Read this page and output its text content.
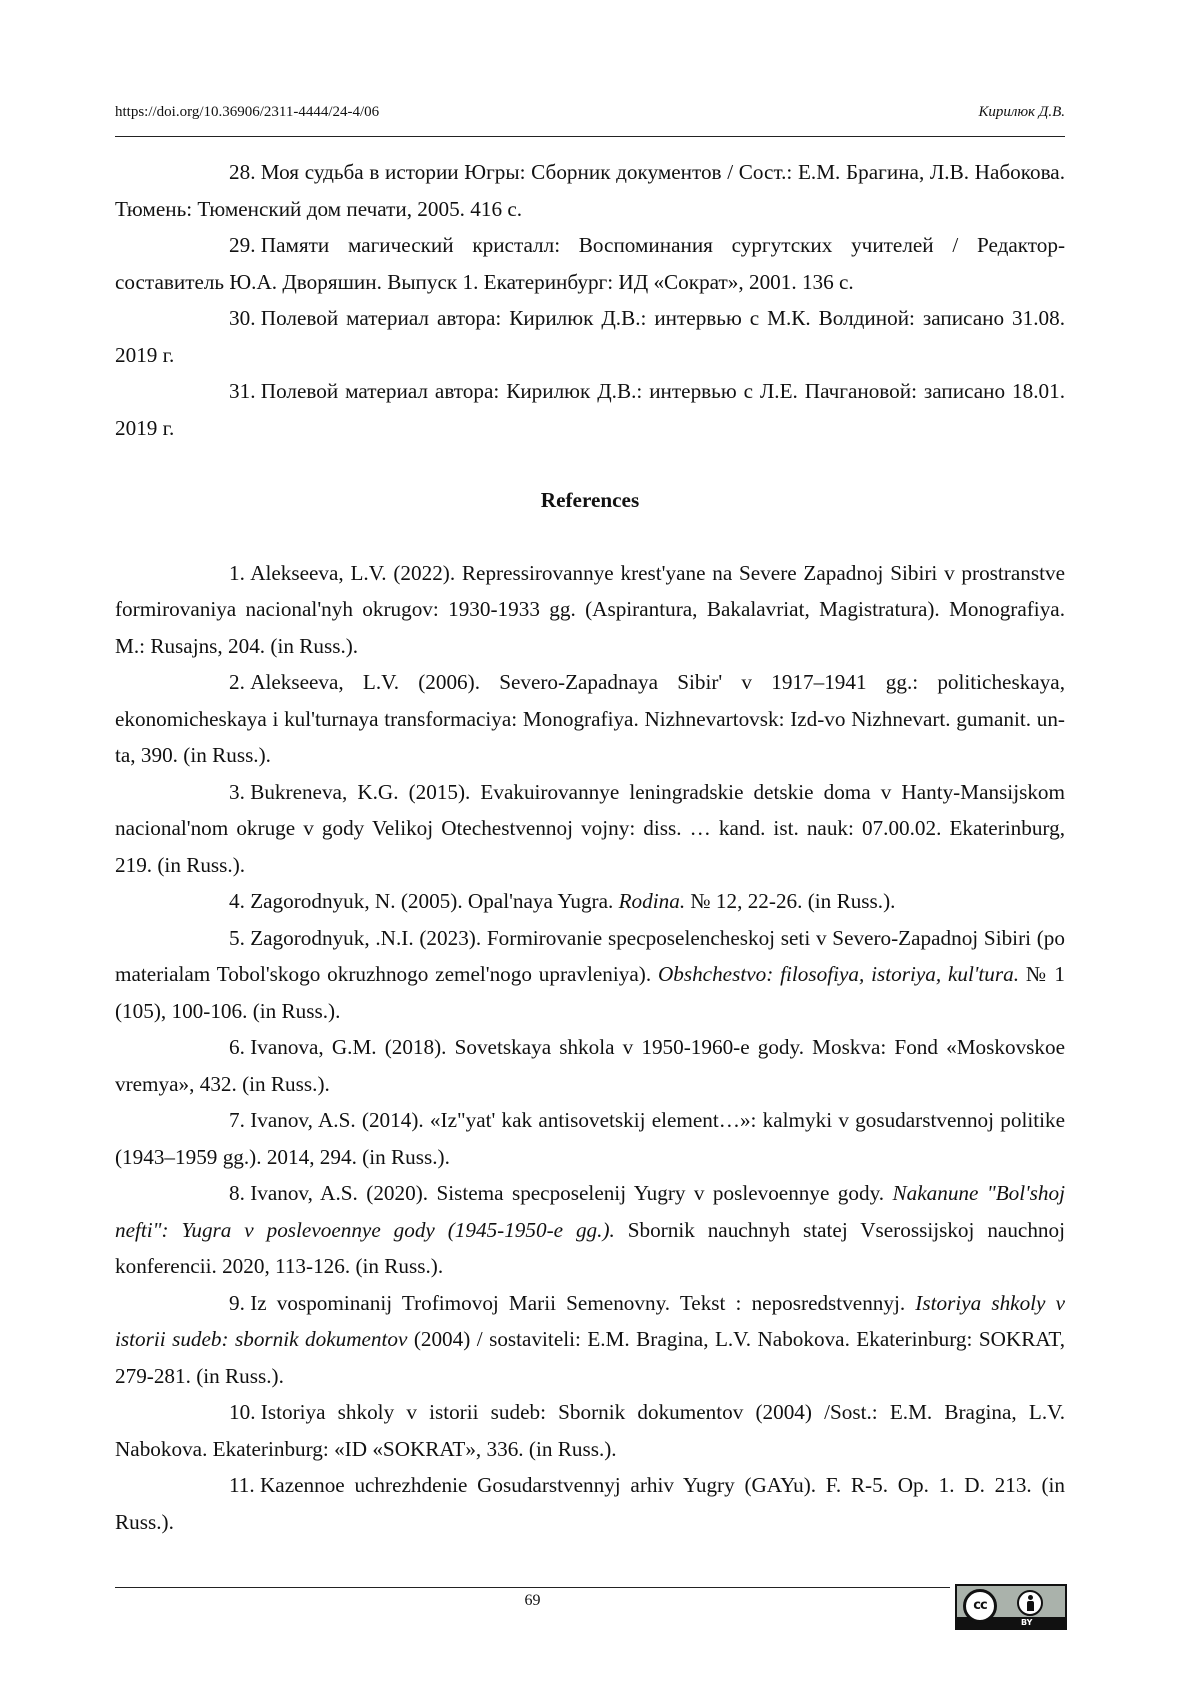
https://doi.org/10.36906/2311-4444/24-4/06	Кирилюк Д.В.

28. Моя судьба в истории Югры: Сборник документов / Сост.: Е.М. Брагина, Л.В. Набокова. Тюмень: Тюменский дом печати, 2005. 416 с.

29. Памяти магический кристалл: Воспоминания сургутских учителей / Редактор-составитель Ю.А. Дворяшин. Выпуск 1. Екатеринбург: ИД «Сократ», 2001. 136 с.

30. Полевой материал автора: Кирилюк Д.В.: интервью с М.К. Волдиной: записано 31.08. 2019 г.

31. Полевой материал автора: Кирилюк Д.В.: интервью с Л.Е. Пачгановой: записано 18.01. 2019 г.

References

1. Alekseeva, L.V. (2022). Repressirovannye krest'yane na Severe Zapadnoj Sibiri v prostranstve formirovaniya nacional'nyh okrugov: 1930-1933 gg. (Aspirantura, Bakalavriat, Magistratura). Monografiya. M.: Rusajns, 204. (in Russ.).

2. Alekseeva, L.V. (2006). Severo-Zapadnaya Sibir' v 1917–1941 gg.: politicheskaya, ekonomicheskaya i kul'turnaya transformaciya: Monografiya. Nizhnevartovsk: Izd-vo Nizhnevart. gumanit. un-ta, 390. (in Russ.).

3. Bukreneva, K.G. (2015). Evakuirovannye leningradskie detskie doma v Hanty-Mansijskom nacional'nom okruge v gody Velikoj Otechestvennoj vojny: diss. … kand. ist. nauk: 07.00.02. Ekaterinburg, 219. (in Russ.).

4. Zagorodnyuk, N. (2005). Opal'naya Yugra. Rodina. № 12, 22-26. (in Russ.).

5. Zagorodnyuk, .N.I. (2023). Formirovanie specposelencheskoj seti v Severo-Zapadnoj Sibiri (po materialam Tobol'skogo okruzhnogo zemel'nogo upravleniya). Obshchestvo: filosofiya, istoriya, kul'tura. № 1 (105), 100-106. (in Russ.).

6. Ivanova, G.M. (2018). Sovetskaya shkola v 1950-1960-e gody. Moskva: Fond «Moskovskoe vremya», 432. (in Russ.).

7. Ivanov, A.S. (2014). «Iz"yat' kak antisovetskij element…»: kalmyki v gosudarstvennoj politike (1943–1959 gg.). 2014, 294. (in Russ.).

8. Ivanov, A.S. (2020). Sistema specposelenij Yugry v poslevoennye gody. Nakanune "Bol'shoj nefti": Yugra v poslevoennye gody (1945-1950-e gg.). Sbornik nauchnyh statej Vserossijskoj nauchnoj konferencii. 2020, 113-126. (in Russ.).

9. Iz vospominanij Trofimovoj Marii Semenovny. Tekst : neposredstvennyj. Istoriya shkoly v istorii sudeb: sbornik dokumentov (2004) / sostaviteli: E.M. Bragina, L.V. Nabokova. Ekaterinburg: SOKRAT, 279-281. (in Russ.).

10. Istoriya shkoly v istorii sudeb: Sbornik dokumentov (2004) /Sost.: E.M. Bragina, L.V. Nabokova. Ekaterinburg: «ID «SOKRAT», 336. (in Russ.).

11. Kazennoe uchrezhdenie Gosudarstvennyj arhiv Yugry (GAYu). F. R-5. Op. 1. D. 213. (in Russ.).

69	cc
BY
